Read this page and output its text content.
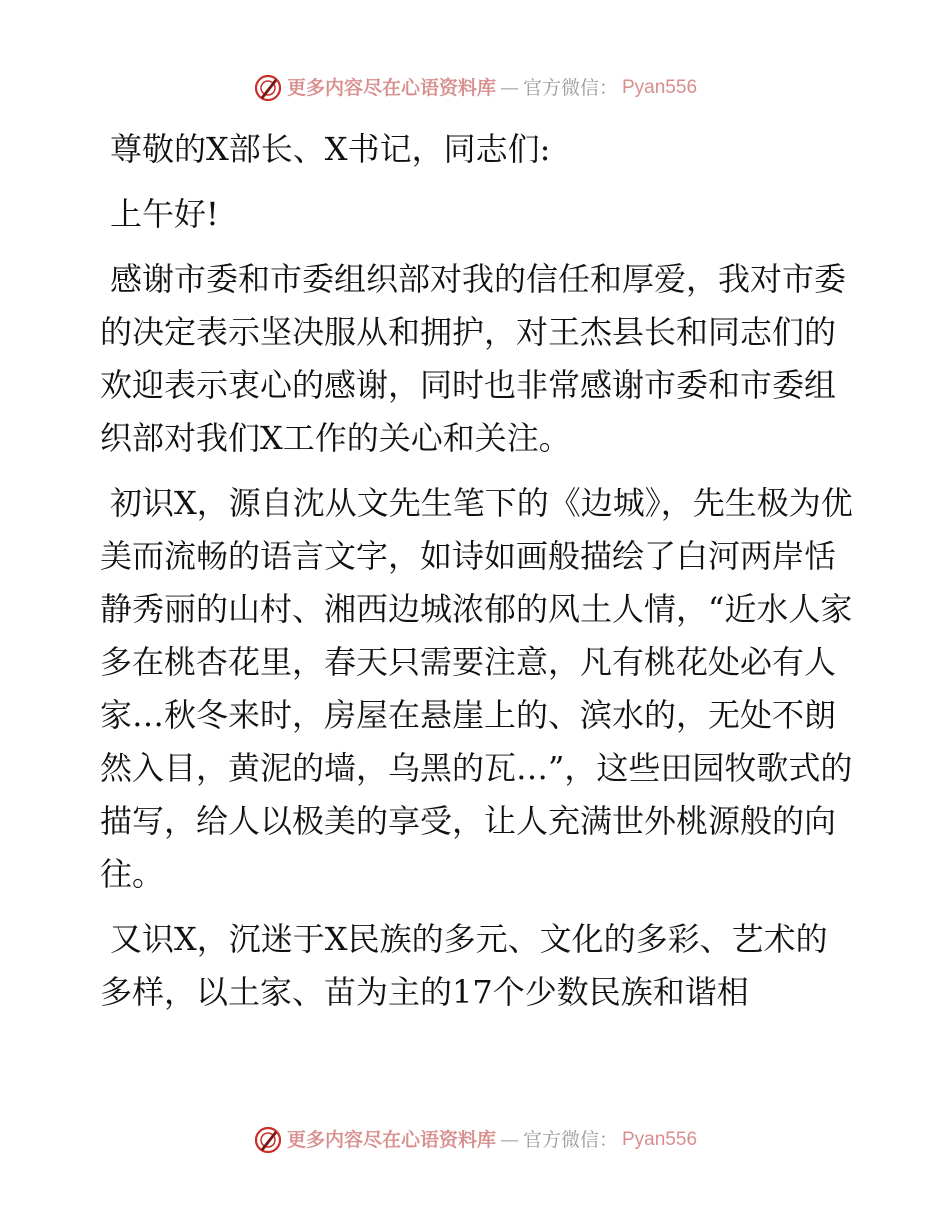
更多内容尽在心语资料库 — 官方微信： Pyan556

尊敬的X部长、X书记，同志们:

上午好!

感谢市委和市委组织部对我的信任和厚爱，我对市委的决定表示坚决服从和拥护，对王杰县长和同志们的欢迎表示衷心的感谢，同时也非常感谢市委和市委组织部对我们X工作的关心和关注。

初识X，源自沈从文先生笔下的《边城》，先生极为优美而流畅的语言文字，如诗如画般描绘了白河两岸恬静秀丽的山村、湘西边城浓郁的风土人情，“近水人家多在桃杏花里，春天只需要注意，凡有桃花处必有人家…秋冬来时，房屋在悬崖上的、滨水的，无处不朗然入目，黄泥的墙，乌黑的瓦…”，这些田园牧歌式的描写，给人以极美的享受，让人充满世外桃源般的向往。

又识X，沉迷于X民族的多元、文化的多彩、艺术的多样，以土家、苗为主的17个少数民族和谐相

更多内容尽在心语资料库 — 官方微信： Pyan556
